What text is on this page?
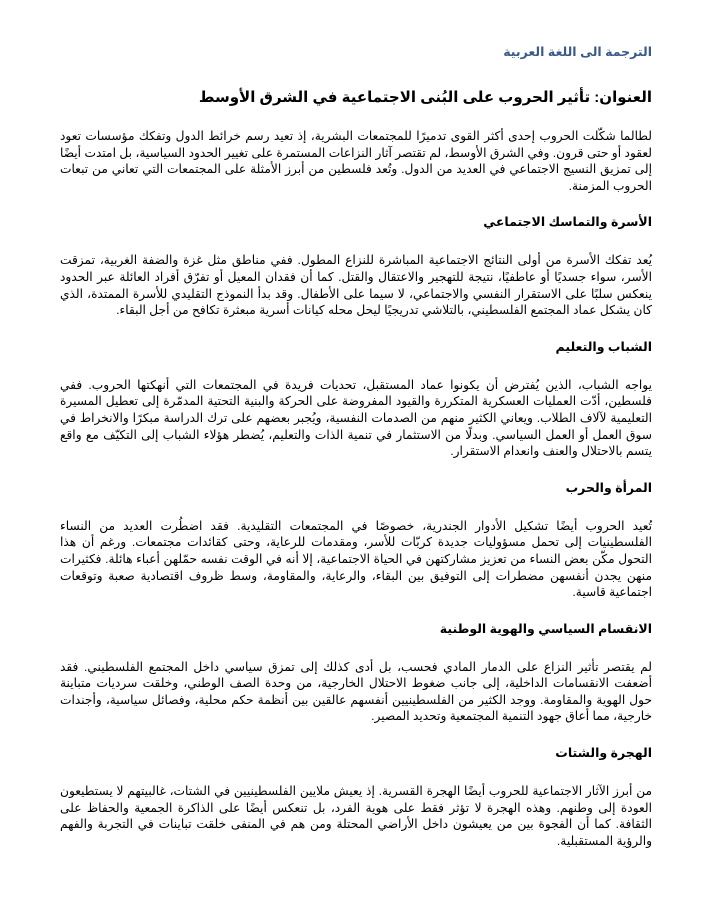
الترجمة الى اللغة العربية
العنوان: تأثير الحروب على البُنى الاجتماعية في الشرق الأوسط

لطالما شكّلت الحروب إحدى أكثر القوى تدميرًا للمجتمعات البشرية، إذ تعيد رسم خرائط الدول وتفكك مؤسسات تعود لعقود أو حتى قرون. وفي الشرق الأوسط، لم تقتصر آثار النزاعات المستمرة على تغيير الحدود السياسية، بل امتدت أيضًا إلى تمزيق النسيج الاجتماعي في العديد من الدول. وتُعد فلسطين من أبرز الأمثلة على المجتمعات التي تعاني من تبعات الحروب المزمنة.

الأسرة والتماسك الاجتماعي

يُعد تفكك الأسرة من أولى النتائج الاجتماعية المباشرة للنزاع المطول. ففي مناطق مثل غزة والضفة الغربية، تمزقت الأسر، سواء جسديًا أو عاطفيًا، نتيجة للتهجير والاعتقال والقتل. كما أن فقدان المعيل أو تفرّق أفراد العائلة عبر الحدود ينعكس سلبًا على الاستقرار النفسي والاجتماعي، لا سيما على الأطفال. وقد بدأ النموذج التقليدي للأسرة الممتدة، الذي كان يشكل عماد المجتمع الفلسطيني، بالتلاشي تدريجيًا ليحل محله كيانات أسرية مبعثرة تكافح من أجل البقاء.

الشباب والتعليم

يواجه الشباب، الذين يُفترض أن يكونوا عماد المستقبل، تحديات فريدة في المجتمعات التي أنهكتها الحروب. ففي فلسطين، أدّت العمليات العسكرية المتكررة والقيود المفروضة على الحركة والبنية التحتية المدمّرة إلى تعطيل المسيرة التعليمية لآلاف الطلاب. ويعاني الكثير منهم من الصدمات النفسية، ويُجبر بعضهم على ترك الدراسة مبكرًا والانخراط في سوق العمل أو العمل السياسي. وبدلًا من الاستثمار في تنمية الذات والتعليم، يُضطر هؤلاء الشباب إلى التكيّف مع واقع يتسم بالاحتلال والعنف وانعدام الاستقرار.

المرأة والحرب

تُعيد الحروب أيضًا تشكيل الأدوار الجندرية، خصوصًا في المجتمعات التقليدية. فقد اضطُرت العديد من النساء الفلسطينيات إلى تحمل مسؤوليات جديدة كربّات للأسر، ومقدمات للرعاية، وحتى كقائدات مجتمعات. ورغم أن هذا التحول مكّن بعض النساء من تعزيز مشاركتهن في الحياة الاجتماعية، إلا أنه في الوقت نفسه حمّلهن أعباء هائلة. فكثيرات منهن يجدن أنفسهن مضطرات إلى التوفيق بين البقاء، والرعاية، والمقاومة، وسط ظروف اقتصادية صعبة وتوقعات اجتماعية قاسية.

الانقسام السياسي والهوية الوطنية

لم يقتصر تأثير النزاع على الدمار المادي فحسب، بل أدى كذلك إلى تمزق سياسي داخل المجتمع الفلسطيني. فقد أضعفت الانقسامات الداخلية، إلى جانب ضغوط الاحتلال الخارجية، من وحدة الصف الوطني، وخلقت سرديات متباينة حول الهوية والمقاومة. ووجد الكثير من الفلسطينيين أنفسهم عالقين بين أنظمة حكم محلية، وفصائل سياسية، وأجندات خارجية، مما أعاق جهود التنمية المجتمعية وتحديد المصير.

الهجرة والشتات

من أبرز الآثار الاجتماعية للحروب أيضًا الهجرة القسرية. إذ يعيش ملايين الفلسطينيين في الشتات، غالبيتهم لا يستطيعون العودة إلى وطنهم. وهذه الهجرة لا تؤثر فقط على هوية الفرد، بل تنعكس أيضًا على الذاكرة الجمعية والحفاظ على الثقافة. كما أن الفجوة بين من يعيشون داخل الأراضي المحتلة ومن هم في المنفى خلقت تباينات في التجربة والفهم والرؤية المستقبلية.
